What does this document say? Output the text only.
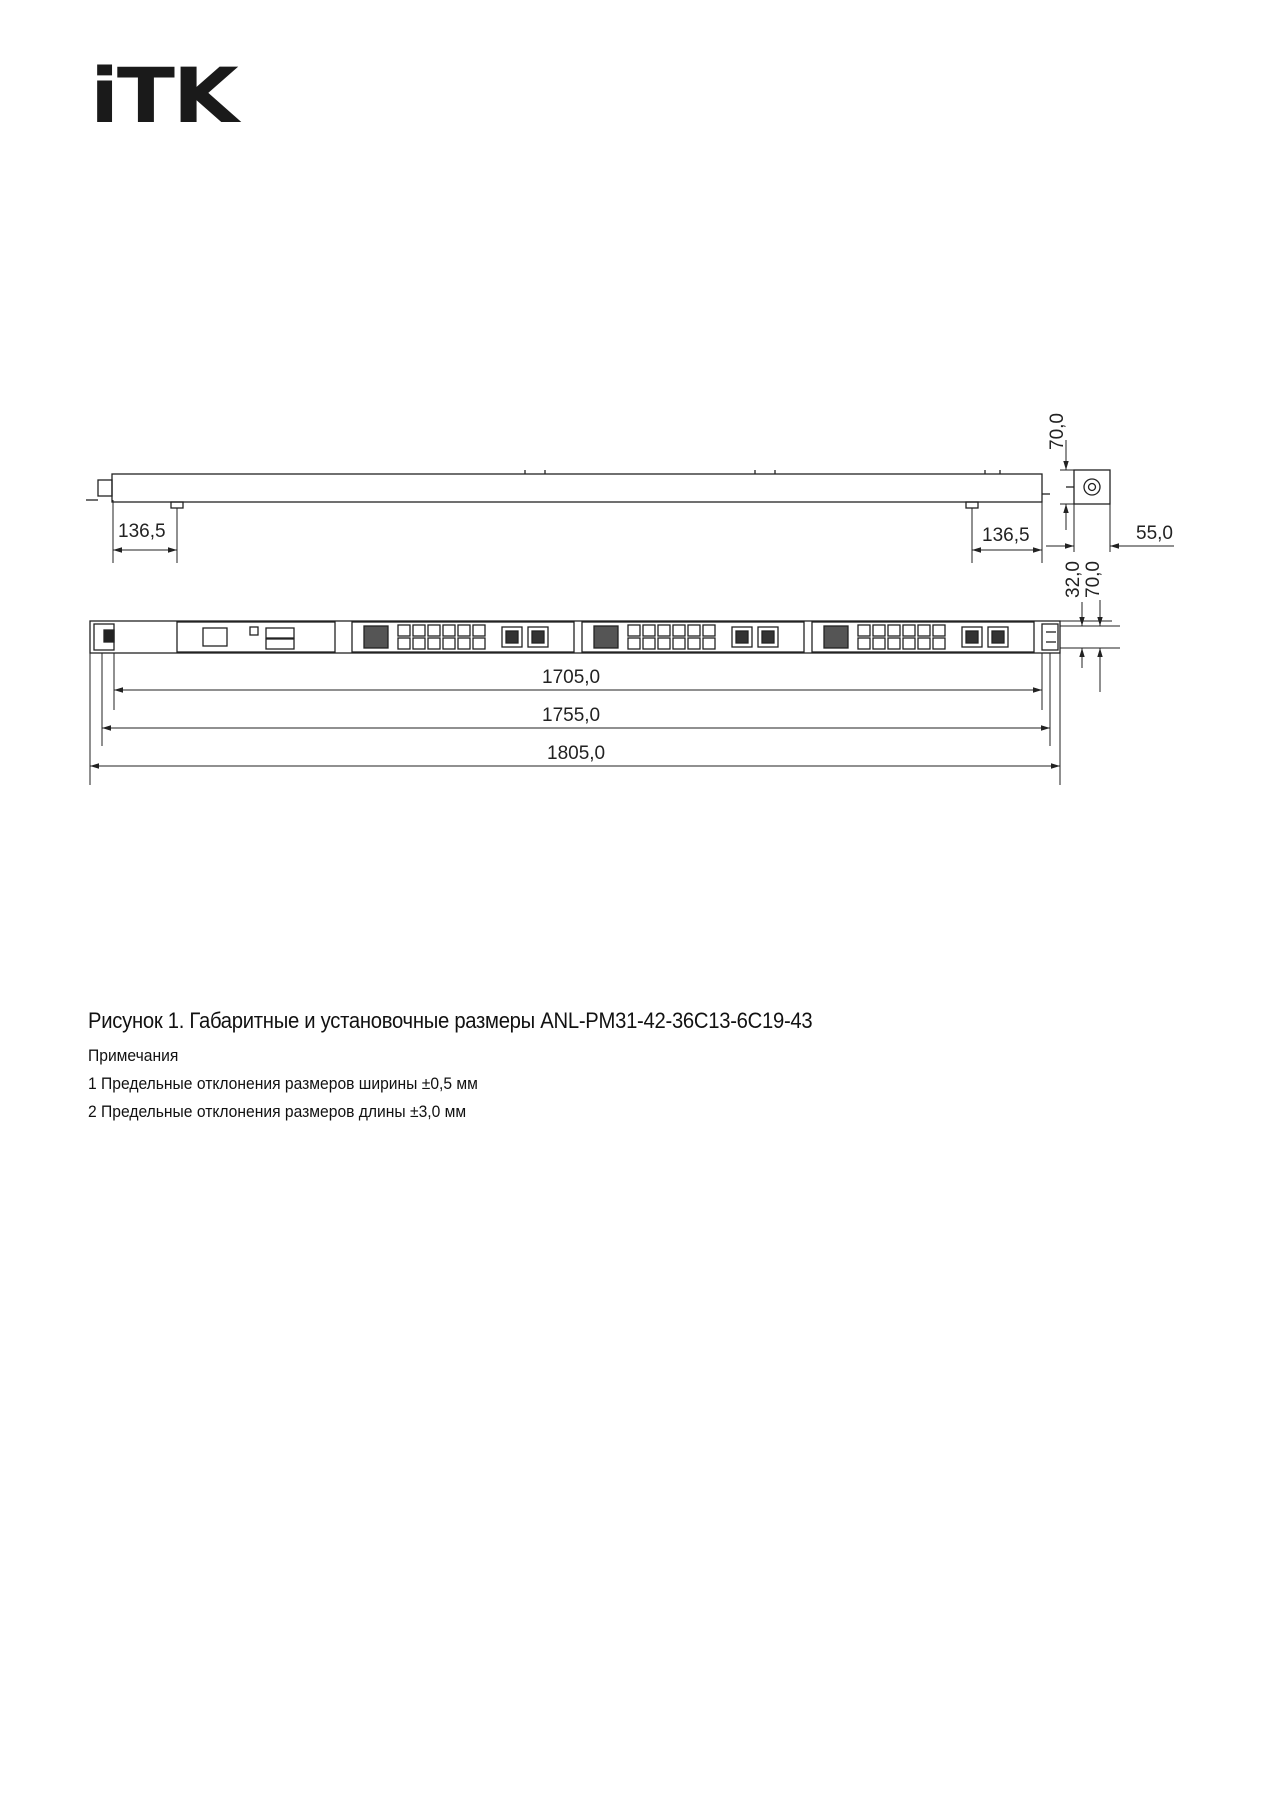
iTK
136,5	136,5
70,0
55,0
1705,0
1755,0
1805,0
32,0 70,0
Рисунок 1. Габаритные и установочные размеры ANL-PM31-42-36C13-6C19-43
Примечания
1 Предельные отклонения размеров ширины ±0,5 мм
2 Предельные отклонения размеров длины ±3,0 мм
